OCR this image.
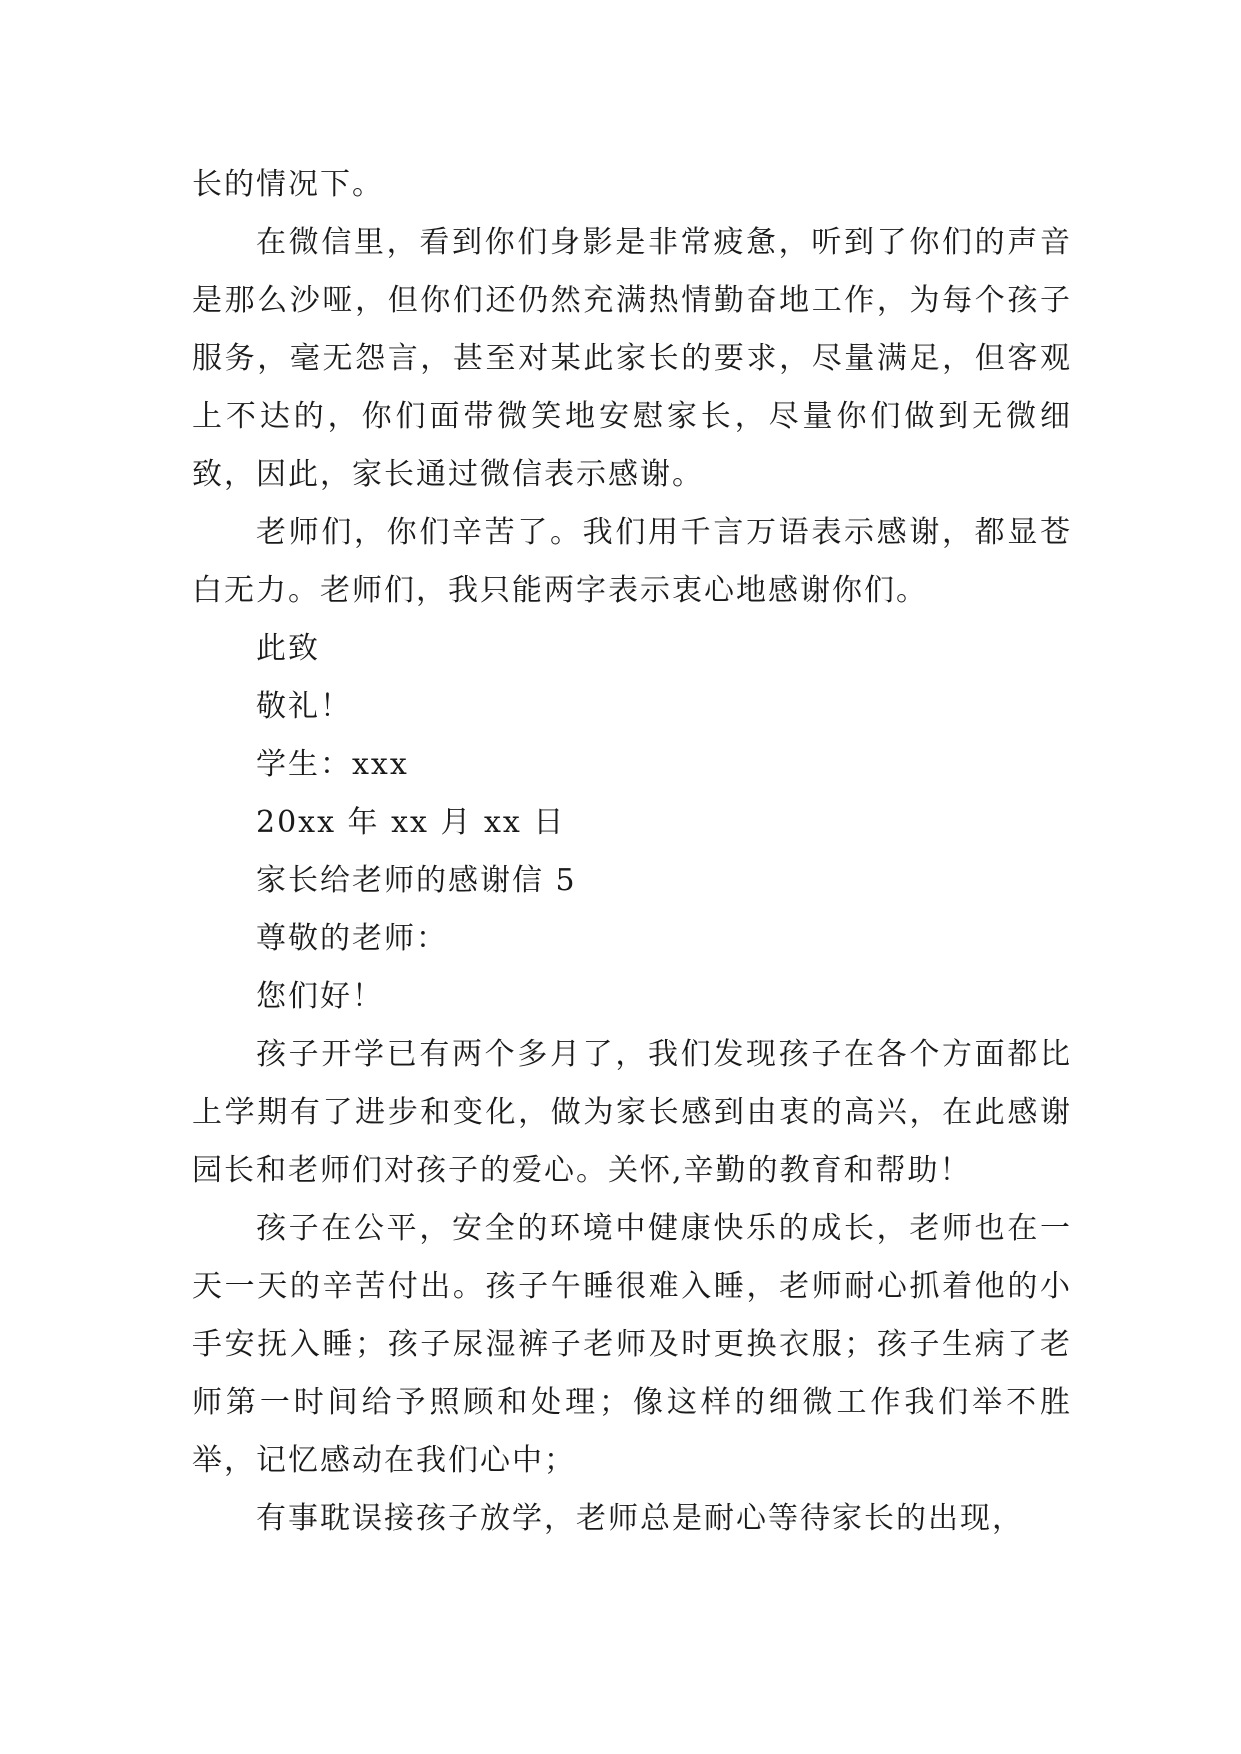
长的情况下。

在微信里，看到你们身影是非常疲惫，听到了你们的声音是那么沙哑，但你们还仍然充满热情勤奋地工作，为每个孩子服务，毫无怨言，甚至对某此家长的要求，尽量满足，但客观上不达的，你们面带微笑地安慰家长，尽量你们做到无微细致，因此，家长通过微信表示感谢。

老师们，你们辛苦了。我们用千言万语表示感谢，都显苍白无力。老师们，我只能两字表示衷心地感谢你们。

此致

敬礼！

学生：xxx

20xx 年 xx 月 xx 日

家长给老师的感谢信 5

尊敬的老师：

您们好！

孩子开学已有两个多月了，我们发现孩子在各个方面都比上学期有了进步和变化，做为家长感到由衷的高兴，在此感谢园长和老师们对孩子的爱心。关怀,辛勤的教育和帮助！

孩子在公平，安全的环境中健康快乐的成长，老师也在一天一天的辛苦付出。孩子午睡很难入睡，老师耐心抓着他的小手安抚入睡；孩子尿湿裤子老师及时更换衣服；孩子生病了老师第一时间给予照顾和处理；像这样的细微工作我们举不胜举，记忆感动在我们心中；

有事耽误接孩子放学，老师总是耐心等待家长的出现，
